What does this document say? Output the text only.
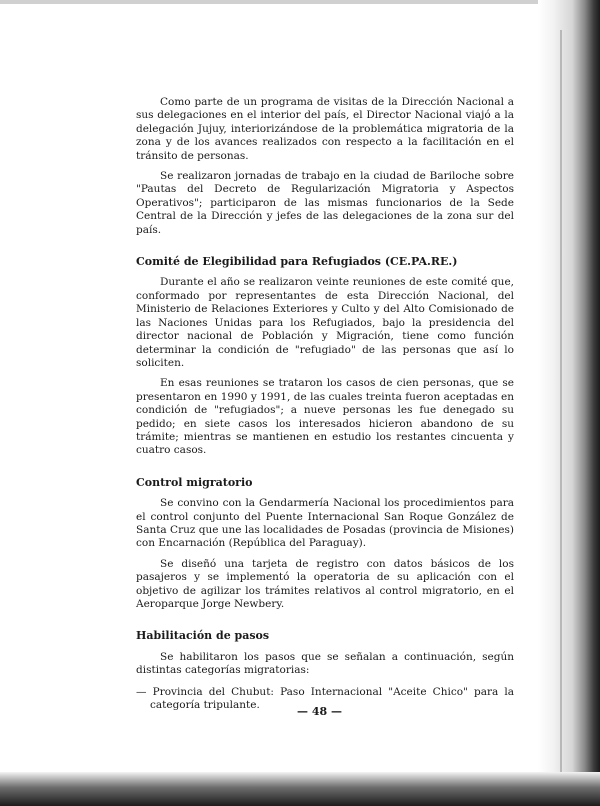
Como parte de un programa de visitas de la Dirección Nacional a sus delegaciones en el interior del país, el Director Nacional viajó a la delegación Jujuy, interiorizándose de la problemática migratoria de la zona y de los avances realizados con respecto a la facilitación en el tránsito de personas.

Se realizaron jornadas de trabajo en la ciudad de Bariloche sobre "Pautas del Decreto de Regularización Migratoria y Aspectos Operativos"; participaron de las mismas funcionarios de la Sede Central de la Dirección y jefes de las delegaciones de la zona sur del país.

Comité de Elegibilidad para Refugiados (CE.PA.RE.)

Durante el año se realizaron veinte reuniones de este comité que, conformado por representantes de esta Dirección Nacional, del Ministerio de Relaciones Exteriores y Culto y del Alto Comisionado de las Naciones Unidas para los Refugiados, bajo la presidencia del director nacional de Población y Migración, tiene como función determinar la condición de "refugiado" de las personas que así lo soliciten.

En esas reuniones se trataron los casos de cien personas, que se presentaron en 1990 y 1991, de las cuales treinta fueron aceptadas en condición de "refugiados"; a nueve personas les fue denegado su pedido; en siete casos los interesados hicieron abandono de su trámite; mientras se mantienen en estudio los restantes cincuenta y cuatro casos.

Control migratorio

Se convino con la Gendarmería Nacional los procedimientos para el control conjunto del Puente Internacional San Roque González de Santa Cruz que une las localidades de Posadas (provincia de Misiones) con Encarnación (República del Paraguay).

Se diseñó una tarjeta de registro con datos básicos de los pasajeros y se implementó la operatoria de su aplicación con el objetivo de agilizar los trámites relativos al control migratorio, en el Aeroparque Jorge Newbery.

Habilitación de pasos

Se habilitaron los pasos que se señalan a continuación, según distintas categorías migratorias:

— Provincia del Chubut: Paso Internacional "Aceite Chico" para la categoría tripulante.	— 48 —
